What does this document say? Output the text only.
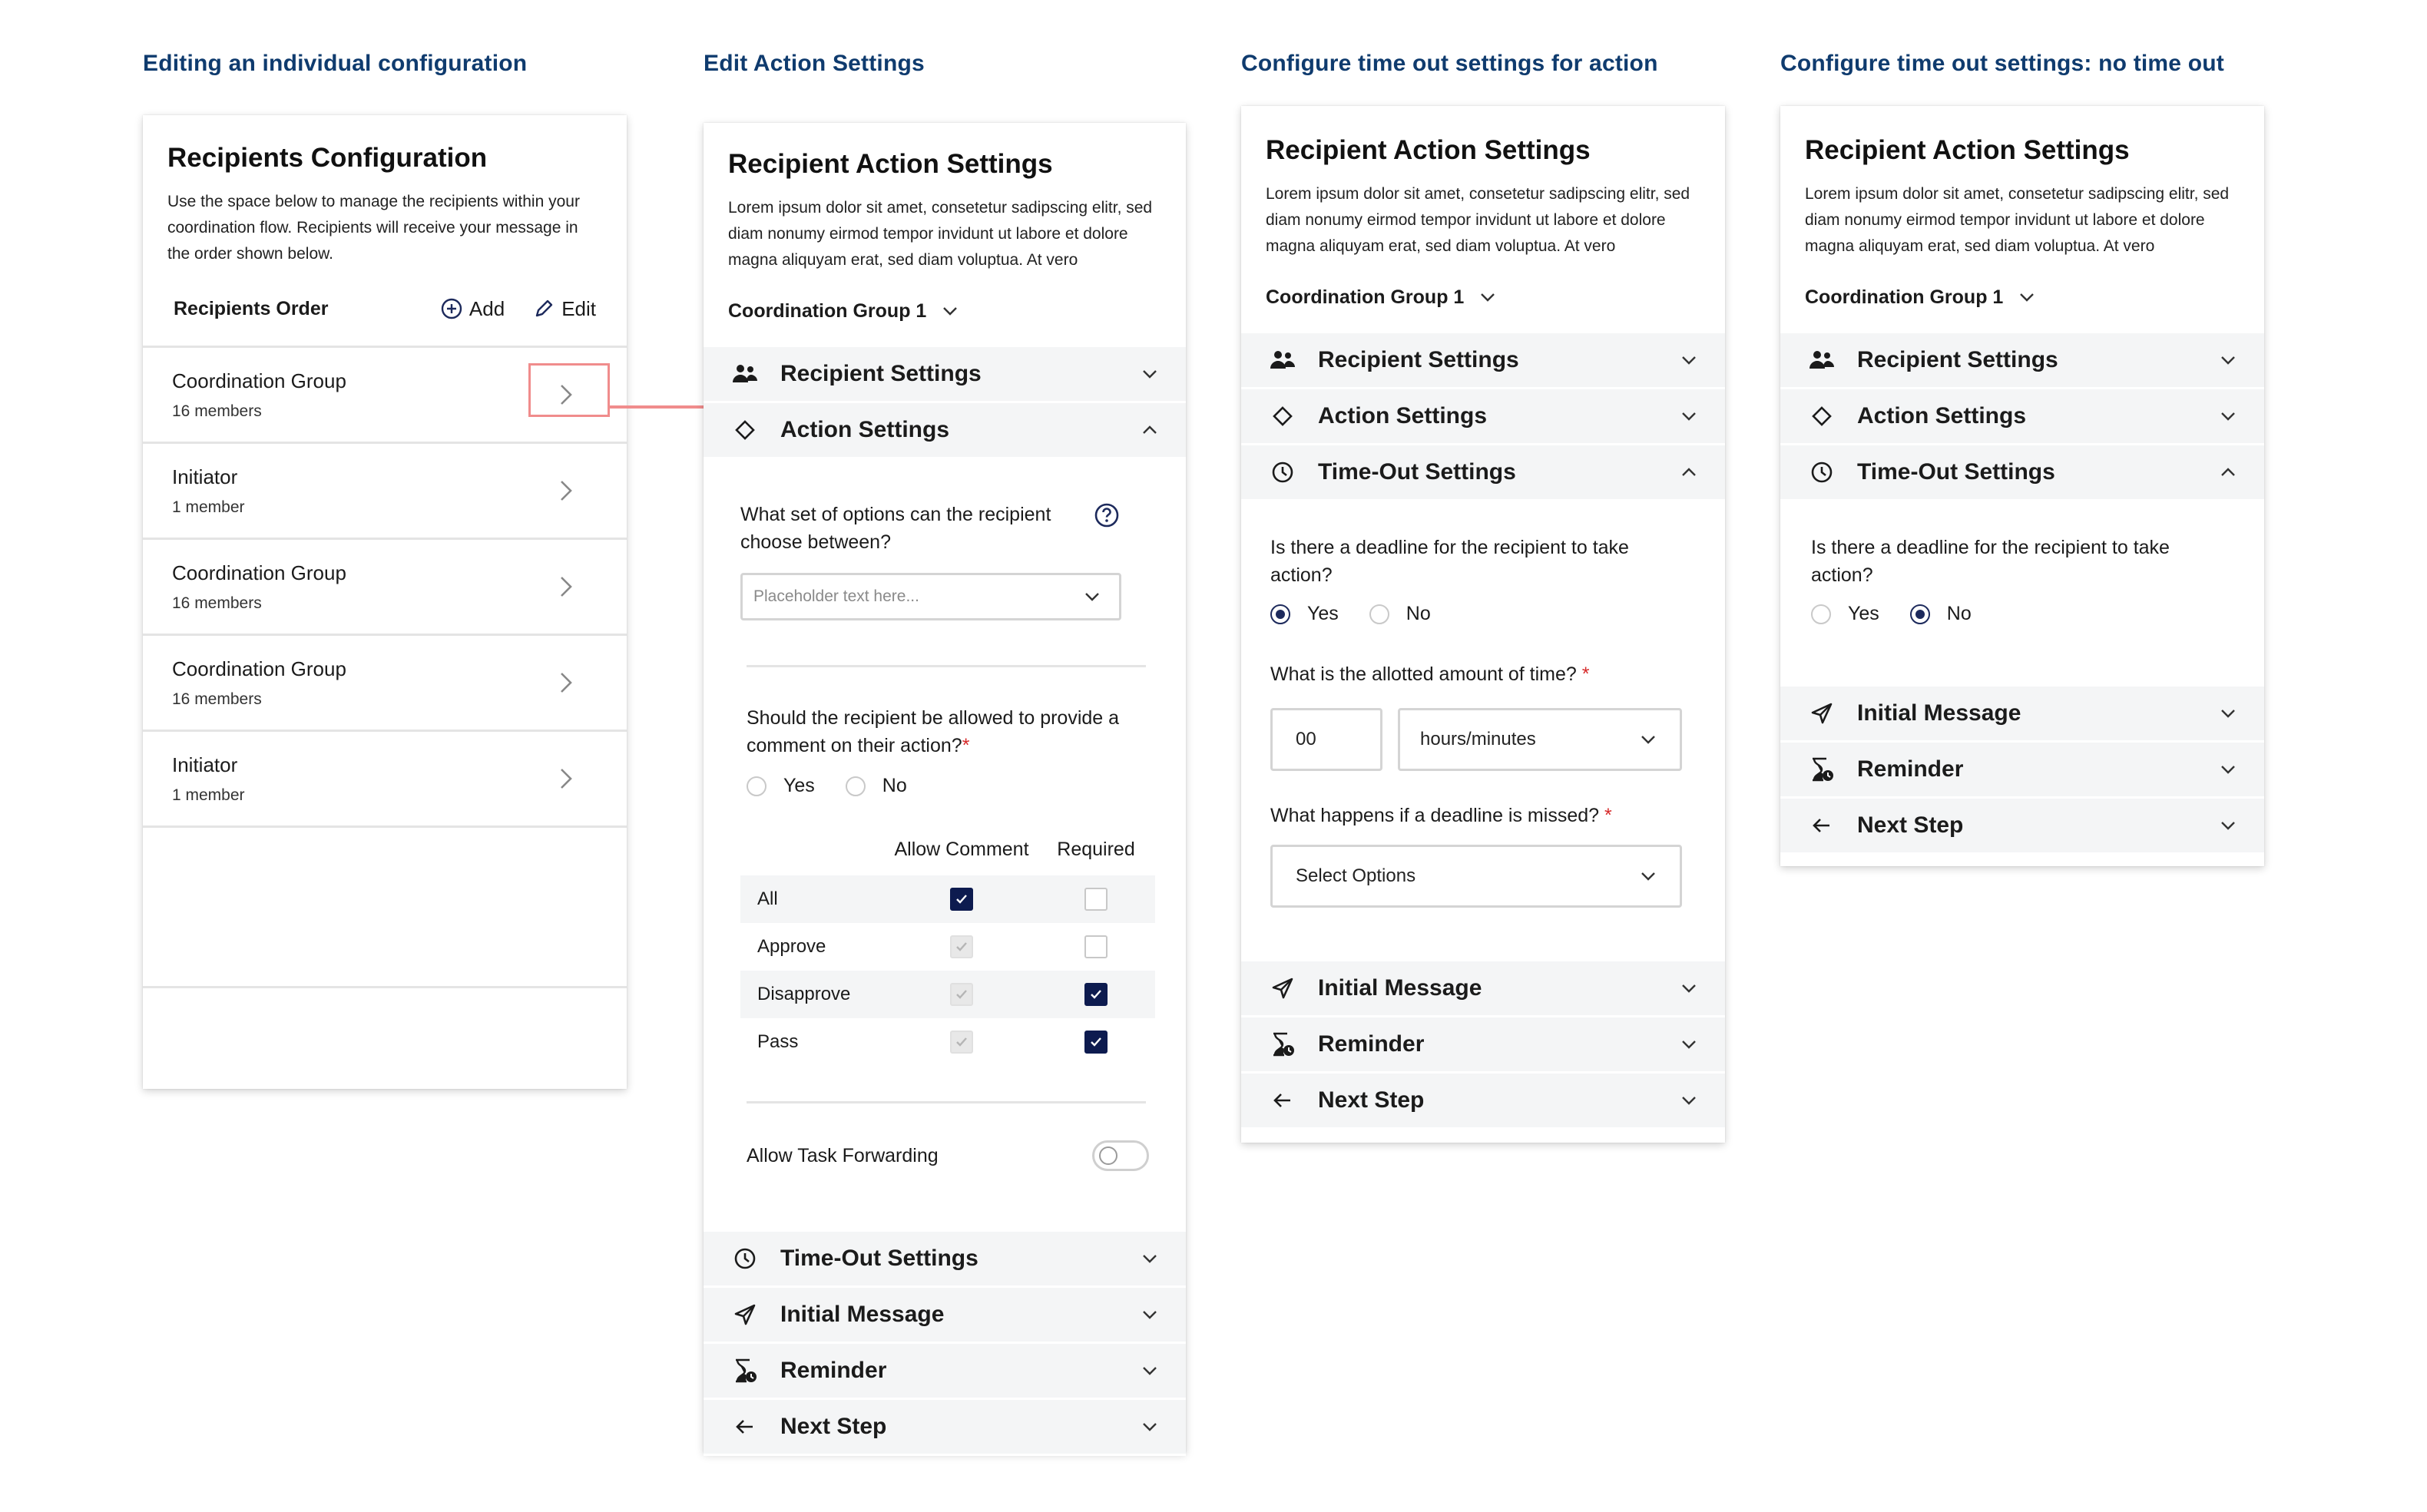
Editing an individual configuration	Edit Action Settings	Configure time out settings for action	Configure time out settings: no time out
Recipients Configuration
Use the space below to manage the recipients within your coordination flow. Recipients will receive your message in the order shown below.
Recipients Order	Add	Edit
Coordination Group
16 members
Initiator
1 member
Coordination Group
16 members
Coordination Group
16 members
Initiator
1 member
Recipient Action Settings
Lorem ipsum dolor sit amet, consetetur sadipscing elitr, sed diam nonumy eirmod tempor invidunt ut labore et dolore magna aliquyam erat, sed diam voluptua. At vero
Coordination Group 1
Recipient Settings
Action Settings
What set of options can the recipient choose between?
Placeholder text here...
Should the recipient be allowed to provide a comment on their action?*
Yes	No
Allow Comment	Required
All
Approve
Disapprove
Pass
Allow Task Forwarding
Time-Out Settings
Initial Message
Reminder
Next Step
Recipient Action Settings
Lorem ipsum dolor sit amet, consetetur sadipscing elitr, sed diam nonumy eirmod tempor invidunt ut labore et dolore magna aliquyam erat, sed diam voluptua. At vero
Coordination Group 1
Recipient Settings
Action Settings
Time-Out Settings
Is there a deadline for the recipient to take action?
Yes	No
What is the allotted amount of time? *
00	hours/minutes
What happens if a deadline is missed? *
Select Options
Initial Message
Reminder
Next Step
Recipient Action Settings
Lorem ipsum dolor sit amet, consetetur sadipscing elitr, sed diam nonumy eirmod tempor invidunt ut labore et dolore magna aliquyam erat, sed diam voluptua. At vero
Coordination Group 1
Recipient Settings
Action Settings
Time-Out Settings
Is there a deadline for the recipient to take action?
Yes	No
Initial Message
Reminder
Next Step
